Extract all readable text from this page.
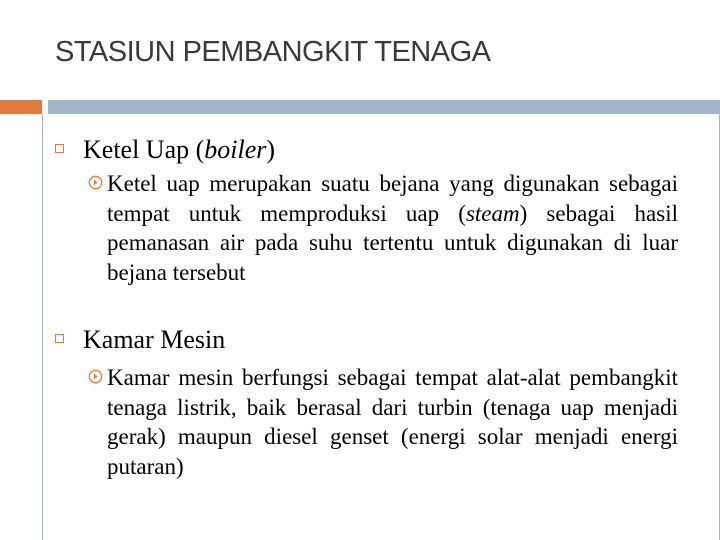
STASIUN PEMBANGKIT TENAGA
Ketel Uap (boiler)
Ketel uap merupakan suatu bejana yang digunakan sebagai tempat untuk memproduksi uap (steam) sebagai hasil pemanasan air pada suhu tertentu untuk digunakan di luar bejana tersebut
Kamar Mesin
Kamar mesin berfungsi sebagai tempat alat-alat pembangkit tenaga listrik, baik berasal dari turbin (tenaga uap menjadi gerak) maupun diesel genset (energi solar menjadi energi putaran)
